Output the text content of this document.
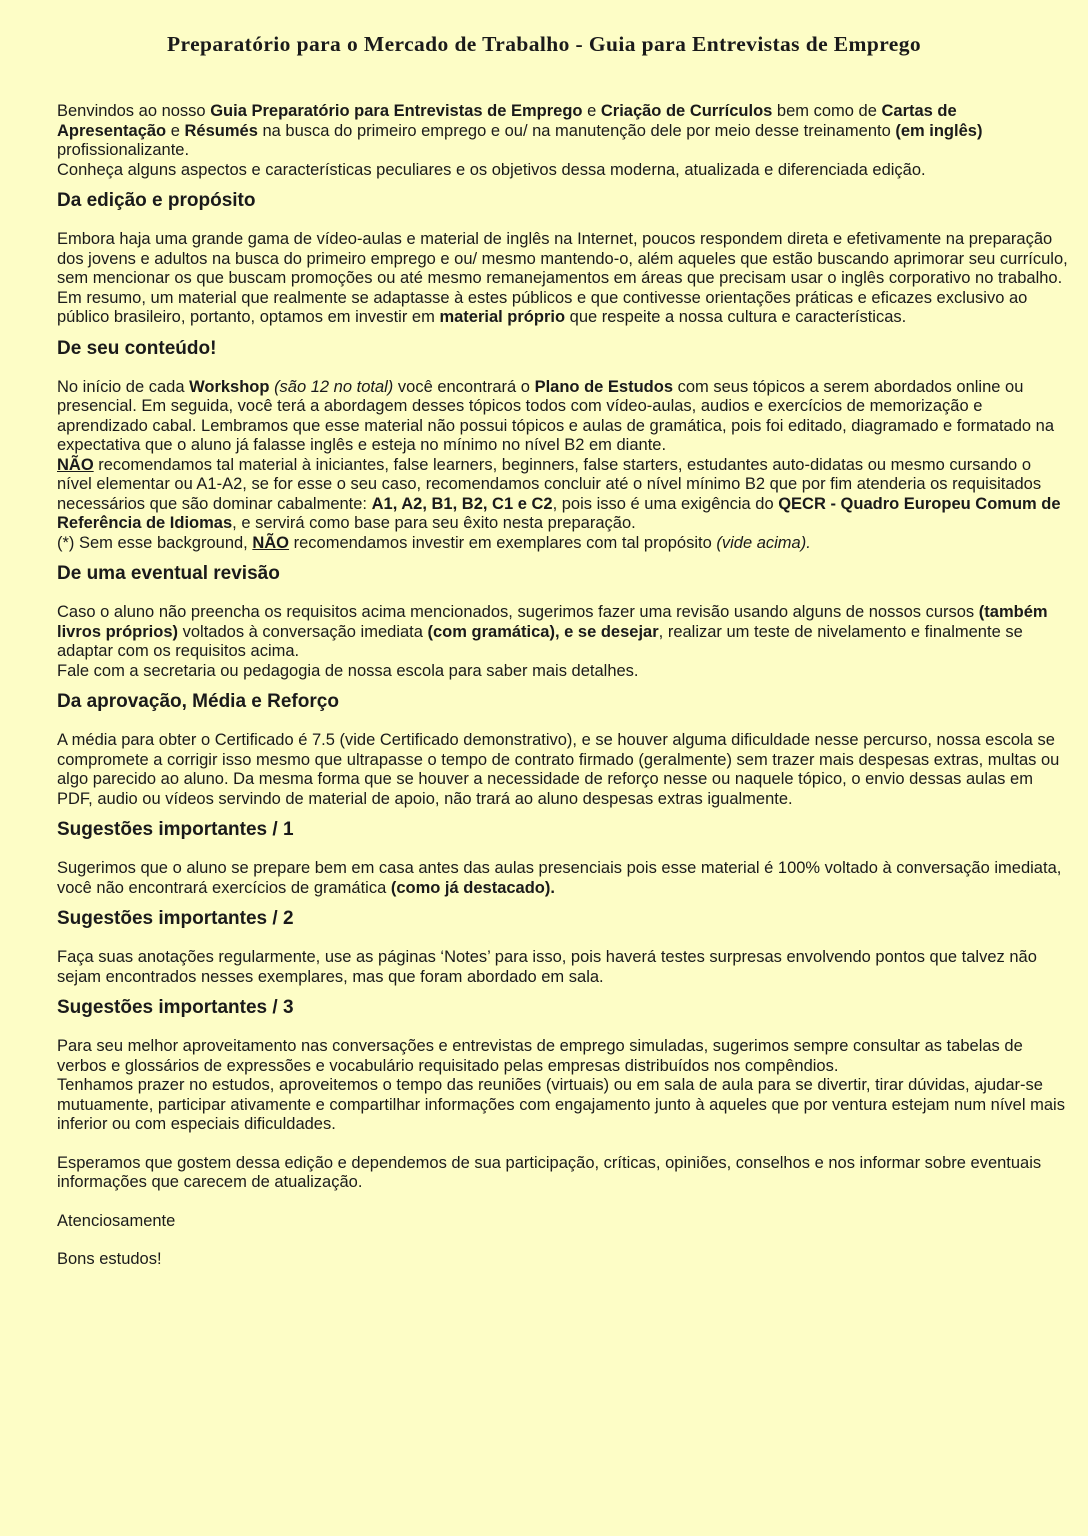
Preparatório para o Mercado de Trabalho - Guia para Entrevistas de Emprego

Benvindos ao nosso Guia Preparatório para Entrevistas de Emprego e Criação de Currículos bem como de Cartas de Apresentação e Résumés na busca do primeiro emprego e ou/ na manutenção dele por meio desse treinamento (em inglês) profissionalizante.

Conheça alguns aspectos e características peculiares e os objetivos dessa moderna, atualizada e diferenciada edição.

Da edição e propósito

Embora haja uma grande gama de vídeo-aulas e material de inglês na Internet, poucos respondem direta e efetivamente na preparação dos jovens e adultos na busca do primeiro emprego e ou/ mesmo mantendo-o, além aqueles que estão buscando aprimorar seu currículo, sem mencionar os que buscam promoções ou até mesmo remanejamentos em áreas que precisam usar o inglês corporativo no trabalho.

Em resumo, um material que realmente se adaptasse à estes públicos e que contivesse orientações práticas e eficazes exclusivo ao público brasileiro, portanto, optamos em investir em material próprio que respeite a nossa cultura e características.

De seu conteúdo!

No início de cada Workshop (são 12 no total) você encontrará o Plano de Estudos com seus tópicos a serem abordados online ou presencial. Em seguida, você terá a abordagem desses tópicos todos com vídeo-aulas, audios e exercícios de memorização e aprendizado cabal. Lembramos que esse material não possui tópicos e aulas de gramática, pois foi editado, diagramado e formatado na expectativa que o aluno já falasse inglês e esteja no mínimo no nível B2 em diante.

NÃO recomendamos tal material à iniciantes, false learners, beginners, false starters, estudantes auto-didatas ou mesmo cursando o nível elementar ou A1-A2, se for esse o seu caso, recomendamos concluir até o nível mínimo B2 que por fim atenderia os requisitados necessários que são dominar cabalmente: A1, A2, B1, B2, C1 e C2, pois isso é uma exigência do QECR - Quadro Europeu Comum de Referência de Idiomas, e servirá como base para seu êxito nesta preparação.

(*) Sem esse background, NÃO recomendamos investir em exemplares com tal propósito (vide acima).

De uma eventual revisão

Caso o aluno não preencha os requisitos acima mencionados, sugerimos fazer uma revisão usando alguns de nossos cursos (também livros próprios) voltados à conversação imediata (com gramática), e se desejar, realizar um teste de nivelamento e finalmente se adaptar com os requisitos acima.

Fale com a secretaria ou pedagogia de nossa escola para saber mais detalhes.

Da aprovação, Média e Reforço

A média para obter o Certificado é 7.5 (vide Certificado demonstrativo), e se houver alguma dificuldade nesse percurso, nossa escola se compromete a corrigir isso mesmo que ultrapasse o tempo de contrato firmado (geralmente) sem trazer mais despesas extras, multas ou algo parecido ao aluno. Da mesma forma que se houver a necessidade de reforço nesse ou naquele tópico, o envio dessas aulas em PDF, audio ou vídeos servindo de material de apoio, não trará ao aluno despesas extras igualmente.

Sugestões importantes / 1

Sugerimos que o aluno se prepare bem em casa antes das aulas presenciais pois esse material é 100% voltado à conversação imediata, você não encontrará exercícios de gramática (como já destacado).

Sugestões importantes / 2

Faça suas anotações regularmente, use as páginas ‘Notes’ para isso, pois haverá testes surpresas envolvendo pontos que talvez não sejam encontrados nesses exemplares, mas que foram abordado em sala.

Sugestões importantes / 3

Para seu melhor aproveitamento nas conversações e entrevistas de emprego simuladas, sugerimos sempre consultar as tabelas de verbos e glossários de expressões e vocabulário requisitado pelas empresas distribuídos nos compêndios.

Tenhamos prazer no estudos, aproveitemos o tempo das reuniões (virtuais) ou em sala de aula para se divertir, tirar dúvidas, ajudar-se mutuamente, participar ativamente e compartilhar informações com engajamento junto à aqueles que por ventura estejam num nível mais inferior ou com especiais dificuldades.

Esperamos que gostem dessa edição e dependemos de sua participação, críticas, opiniões, conselhos e nos informar sobre eventuais informações que carecem de atualização.

Atenciosamente

Bons estudos!
